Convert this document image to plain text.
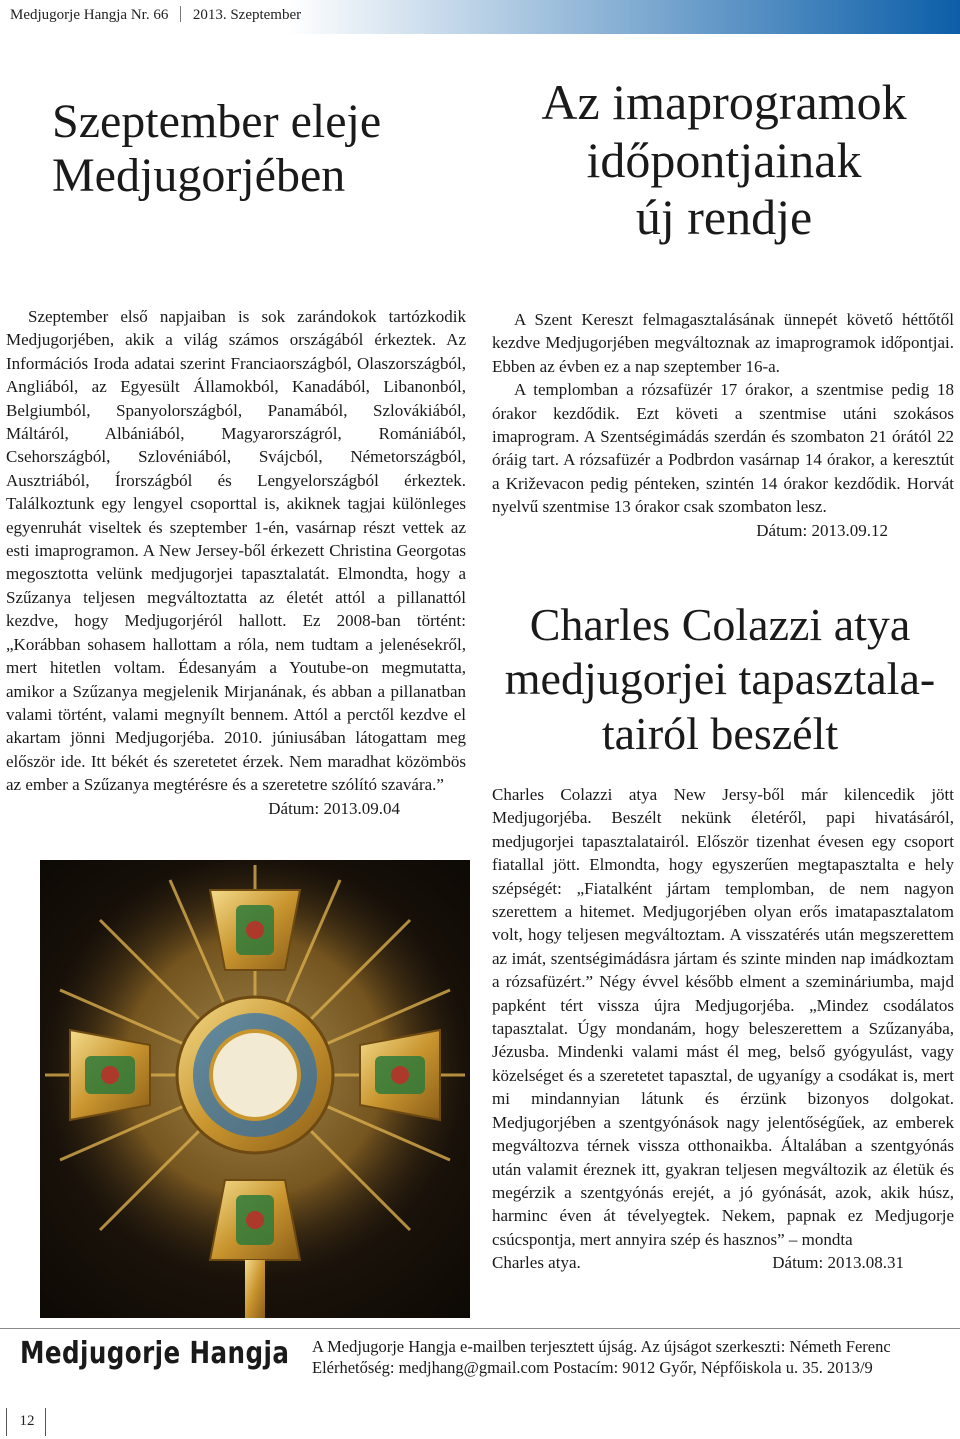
Medjugorje Hangja Nr. 66 2013. Szeptember
Szeptember eleje
Medjugorjében
Az imaprogramok
időpontjainak
új rendje

Szeptember első napjaiban is sok zarándokok tartózkodik Medjugorjében, akik a világ számos országából érkeztek. Az Információs Iroda adatai szerint Franciaországból, Olaszországból, Angliából, az Egyesült Államokból, Kanadából, Libanonból, Belgiumból, Spanyolországból, Panamából, Szlovákiából, Máltáról, Albániából, Magyarországról, Romániából, Csehországból, Szlovéniából, Svájcból, Németországból, Ausztriából, Írországból és Lengyelországból érkeztek. Találkoztunk egy lengyel csoporttal is, akiknek tagjai különleges egyenruhát viseltek és szeptember 1-én, vasárnap részt vettek az esti imaprogramon. A New Jersey-ből érkezett Christina Georgotas megosztotta velünk medjugorjei tapasztalatát. Elmondta, hogy a Szűzanya teljesen megváltoztatta az életét attól a pillanattól kezdve, hogy Medjugorjéról hallott. Ez 2008-ban történt: „Korábban sohasem hallottam a róla, nem tudtam a jelenésekről, mert hitetlen voltam. Édesanyám a Youtube-on megmutatta, amikor a Szűzanya megjelenik Mirjanának, és abban a pillanatban valami történt, valami megnyílt bennem. Attól a perctől kezdve el akartam jönni Medjugorjéba. 2010. júniusában látogattam meg először ide. Itt békét és szeretetet érzek. Nem maradhat közömbös az ember a Szűzanya megtérésre és a szeretetre szólító szavára.”

Dátum: 2013.09.04

A Szent Kereszt felmagasztalásának ünnepét követő héttőtől kezdve Medjugorjében megváltoznak az imaprogramok időpontjai. Ebben az évben ez a nap szeptember 16-a.

A templomban a rózsafüzér 17 órakor, a szentmise pedig 18 órakor kezdődik. Ezt követi a szentmise utáni szokásos imaprogram. A Szentségimádás szerdán és szombaton 21 órától 22 óráig tart. A rózsafüzér a Podbrdon vasárnap 14 órakor, a keresztút a Križevacon pedig pénteken, szintén 14 órakor kezdődik. Horvát nyelvű szentmise 13 órakor csak szombaton lesz.

Dátum: 2013.09.12

Charles Colazzi atya
medjugorjei tapasztala-
tairól beszélt

Charles Colazzi atya New Jersy-ből már kilencedik jött Medjugorjéba. Beszélt nekünk életéről, papi hivatásáról, medjugorjei tapasztalatairól. Először tizenhat évesen egy csoport fiatallal jött. Elmondta, hogy egyszerűen megtapasztalta e hely szépségét: „Fiatalként jártam templomban, de nem nagyon szerettem a hitemet. Medjugorjében olyan erős imatapasztalatom volt, hogy teljesen megváltoztam. A visszatérés után megszerettem az imát, szentségimádásra jártam és szinte minden nap imádkoztam a rózsafüzért.” Négy évvel később elment a szemináriumba, majd papként tért vissza újra Medjugorjéba. „Mindez csodálatos tapasztalat. Úgy mondanám, hogy beleszerettem a Szűzanyába, Jézusba. Mindenki valami mást él meg, belső gyógyulást, vagy közelséget és a szeretetet tapasztal, de ugyanígy a csodákat is, mert mi mindannyian látunk és érzünk bizonyos dolgokat. Medjugorjében a szentgyónások nagy jelentőségűek, az emberek megváltozva térnek vissza otthonaikba. Általában a szentgyónás után valamit éreznek itt, gyakran teljesen megváltozik az életük és megérzik a szentgyónás erejét, a jó gyónását, azok, akik húsz, harminc éven át tévelyegtek. Nekem, papnak ez Medjugorje csúcspontja, mert annyira szép és hasznos” – mondta

Charles atya.	Dátum: 2013.08.31

Medjugorje Hangja A Medjugorje Hangja e-mailben terjesztett újság. Az újságot szerkeszti: Németh Ferenc
Elérhetőség: medjhang@gmail.com Postacím: 9012 Győr, Népfőiskola u. 35. 2013/9
12
